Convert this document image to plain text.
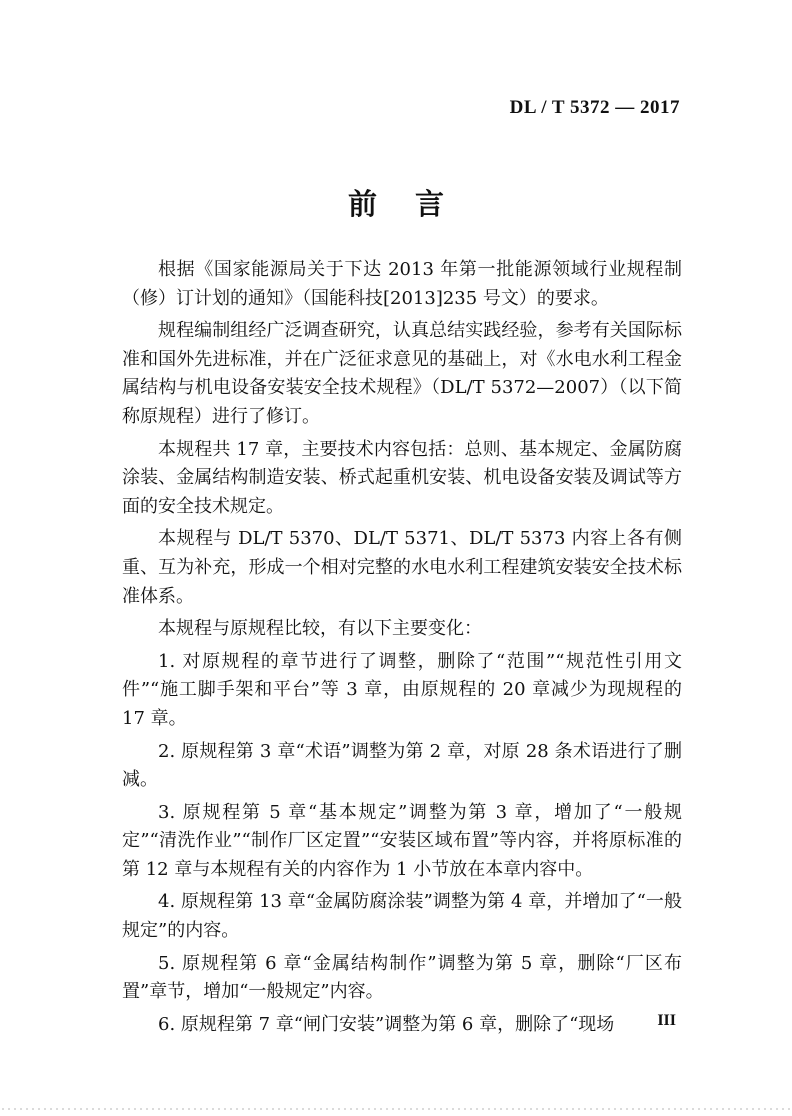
DL / T 5372 — 2017
前言

根据《国家能源局关于下达 2013 年第一批能源领域行业规程制（修）订计划的通知》（国能科技[2013]235 号文）的要求。

规程编制组经广泛调查研究，认真总结实践经验，参考有关国际标准和国外先进标准，并在广泛征求意见的基础上，对《水电水利工程金属结构与机电设备安装安全技术规程》（DL/T 5372—2007）（以下简称原规程）进行了修订。

本规程共 17 章，主要技术内容包括：总则、基本规定、金属防腐涂装、金属结构制造安装、桥式起重机安装、机电设备安装及调试等方面的安全技术规定。

本规程与 DL/T 5370、DL/T 5371、DL/T 5373 内容上各有侧重、互为补充，形成一个相对完整的水电水利工程建筑安装安全技术标准体系。

本规程与原规程比较，有以下主要变化：

1. 对原规程的章节进行了调整，删除了“范围”“规范性引用文件”“施工脚手架和平台”等 3 章，由原规程的 20 章减少为现规程的 17 章。

2. 原规程第 3 章“术语”调整为第 2 章，对原 28 条术语进行了删减。

3. 原规程第 5 章“基本规定”调整为第 3 章，增加了“一般规定”“清洗作业”“制作厂区定置”“安装区域布置”等内容，并将原标准的第 12 章与本规程有关的内容作为 1 小节放在本章内容中。

4. 原规程第 13 章“金属防腐涂装”调整为第 4 章，并增加了“一般规定”的内容。

5. 原规程第 6 章“金属结构制作”调整为第 5 章，删除“厂区布置”章节，增加“一般规定”内容。

6. 原规程第 7 章“闸门安装”调整为第 6 章，删除了“现场	III
